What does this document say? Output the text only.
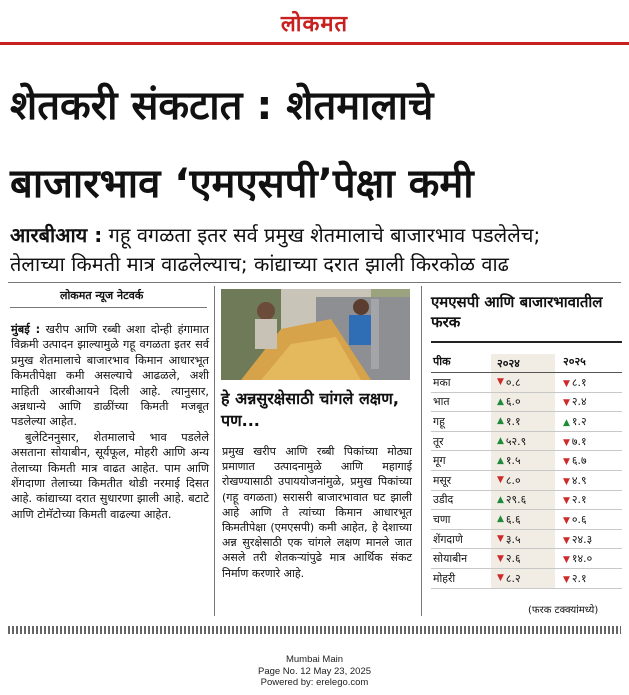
लोकमत
शेतकरी संकटात : शेतमालाचे
बाजारभाव ‘एमएसपी’पेक्षा कमी
आरबीआय : गहू वगळता इतर सर्व प्रमुख शेतमालाचे बाजारभाव पडलेलेच;
तेलाच्या किमती मात्र वाढलेल्याच; कांद्याच्या दरात झाली किरकोळ वाढ
लोकमत न्यूज नेटवर्क

मुंबई : खरीप आणि रब्बी अशा दोन्ही हंगामात विक्रमी उत्पादन झाल्यामुळे गहू वगळता इतर सर्व प्रमुख शेतमालाचे बाजारभाव किमान आधारभूत किमतीपेक्षा कमी असल्याचे आढळले, अशी माहिती आरबीआयने दिली आहे. त्यानुसार, अन्नधान्ये आणि डाळींच्या किमती मजबूत पडलेल्या आहेत.

बुलेटिननुसार, शेतमालाचे भाव पडलेले असताना सोयाबीन, सूर्यफूल, मोहरी आणि अन्य तेलाच्या किमती मात्र वाढत आहेत. पाम आणि शेंगदाणा तेलाच्या किमतीत थोडी नरमाई दिसत आहे. कांद्याच्या दरात सुधारणा झाली आहे. बटाटे आणि टोमॅटोच्या किमती वाढल्या आहेत.

हे अन्नसुरक्षेसाठी चांगले लक्षण, पण...
प्रमुख खरीप आणि रब्बी पिकांच्या मोठ्या प्रमाणात उत्पादनामुळे आणि महागाई रोखण्यासाठी उपाययोजनांमुळे, प्रमुख पिकांच्या (गहू वगळता) सरासरी बाजारभावात घट झाली आहे आणि ते त्यांच्या किमान आधारभूत किमतीपेक्षा (एमएसपी) कमी आहेत, हे देशाच्या अन्न सुरक्षेसाठी एक चांगले लक्षण मानले जात असले तरी शेतकऱ्यांपुढे मात्र आर्थिक संकट निर्माण करणारे आहे.
एमएसपी आणि बाजारभावातील फरक
पीक	२०२४	२०२५
मका	▼ ०.८	▼ ८.१
भात	▲ ६.०	▼ २.४
गहू	▲ १.१	▲ १.२
तूर	▲ ५२.९	▼ ७.१
मूग	▲ १.५	▼ ६.७
मसूर	▼ ८.०	▼ ४.९
उडीद	▲ २९.६	▼ २.१
चणा	▲ ६.६	▼ ०.६
शेंगदाणे	▼ ३.५	▼ २४.३
सोयाबीन	▼ २.६	▼ १४.०
मोहरी	▼ ८.२	▼ २.१
(फरक टक्क्यांमध्ये)
Mumbai Main
Page No. 12 May 23, 2025
Powered by: erelego.com
